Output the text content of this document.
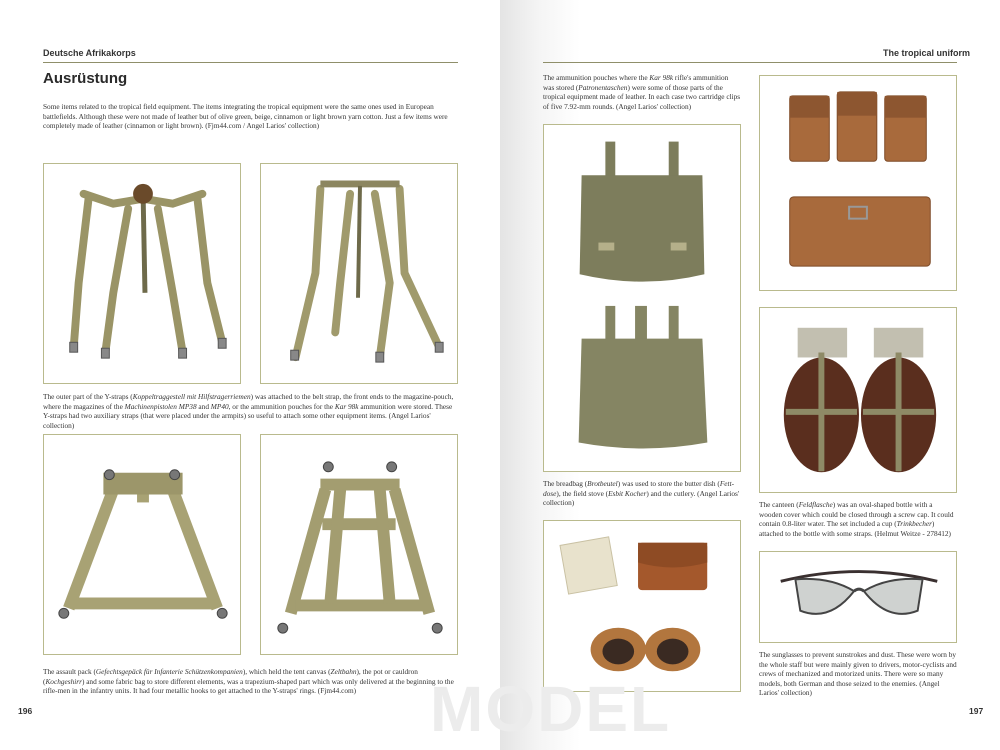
Deutsche Afrikakorps
Ausrüstung
Some items related to the tropical field equipment. The items integrating the tropical equipment were the same ones used in European battlefields. Although these were not made of leather but of olive green, beige, cinnamon or light brown yarn cotton. Just a few items were completely made of leather (cinnamon or light brown). (Fjm44.com / Angel Larios' collection)
The outer part of the Y-straps (Koppeltraggestell mit Hilfstragerriemen) was attached to the belt strap, the front ends to the magazine-pouch, where the magazines of the Machinenpistolen MP38 and MP40, or the ammunition pouches for the Kar 98k ammunition were stored. These Y-straps had two auxiliary straps (that were placed under the armpits) so useful to attach some other equipment items. (Angel Larios' collection)
The assault pack (Gefechtsgepäck für Infanterie Schützenkompanien), which held the tent canvas (Zeltbahn), the pot or cauldron (Kochgeshirr) and some fabric bag to store different elements, was a trapezium-shaped part which was only delivered at the beginning to the rifle-men in the infantry units. It had four metallic hooks to get attached to the Y-straps' rings. (Fjm44.com)
196
The tropical uniform
The ammunition pouches where the Kar 98k rifle's ammunition was stored (Patronentaschen) were some of those parts of the tropical equipment made of leather. In each case two cartridge clips of five 7.92-mm rounds. (Angel Larios' collection)
The breadbag (Brotbeutel) was used to store the butter dish (Fett-dose), the field stove (Esbit Kocher) and the cutlery. (Angel Larios' collection)	The canteen (Feldflasche) was an oval-shaped bottle with a wooden cover which could be closed through a screw cap. It could contain 0.8-liter water. The set included a cup (Trinkbecher) attached to the bottle with some straps. (Helmut Weitze - 278412)
The sunglasses to prevent sunstrokes and dust. These were worn by the whole staff but were mainly given to drivers, motor-cyclists and crews of mechanized and motorized units. There were so many models, both German and those seized to the enemies. (Angel Larios' collection)
197
MODEL
